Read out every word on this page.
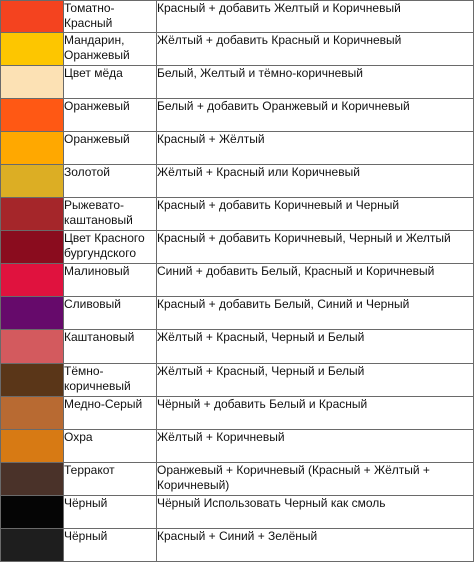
	Томатно-Красный	Красный + добавить Желтый и Коричневый

	Мандарин, Оранжевый	Жёлтый + добавить Красный и Коричневый

	Цвет мёда	Белый, Желтый и тёмно-коричневый

	Оранжевый	Белый + добавить Оранжевый и Коричневый

	Оранжевый	Красный + Жёлтый

	Золотой	Жёлтый + Красный или Коричневый

	Рыжевато-каштановый	Красный + добавить Коричневый и Черный

	Цвет Красного бургундского	Красный + добавить Коричневый, Черный и Желтый

	Малиновый	Синий + добавить Белый, Красный и Коричневый

	Сливовый	Красный + добавить Белый, Синий и Черный

	Каштановый	Жёлтый + Красный, Черный и Белый

	Тёмно-коричневый	Жёлтый + Красный, Черный и Белый

	Медно-Серый	Чёрный + добавить Белый и Красный

	Охра	Жёлтый + Коричневый

	Терракот	Оранжевый + Коричневый (Красный + Жёлтый + Коричневый)

	Чёрный	Чёрный Использовать Черный как смоль

	Чёрный	Красный + Синий + Зелёный
